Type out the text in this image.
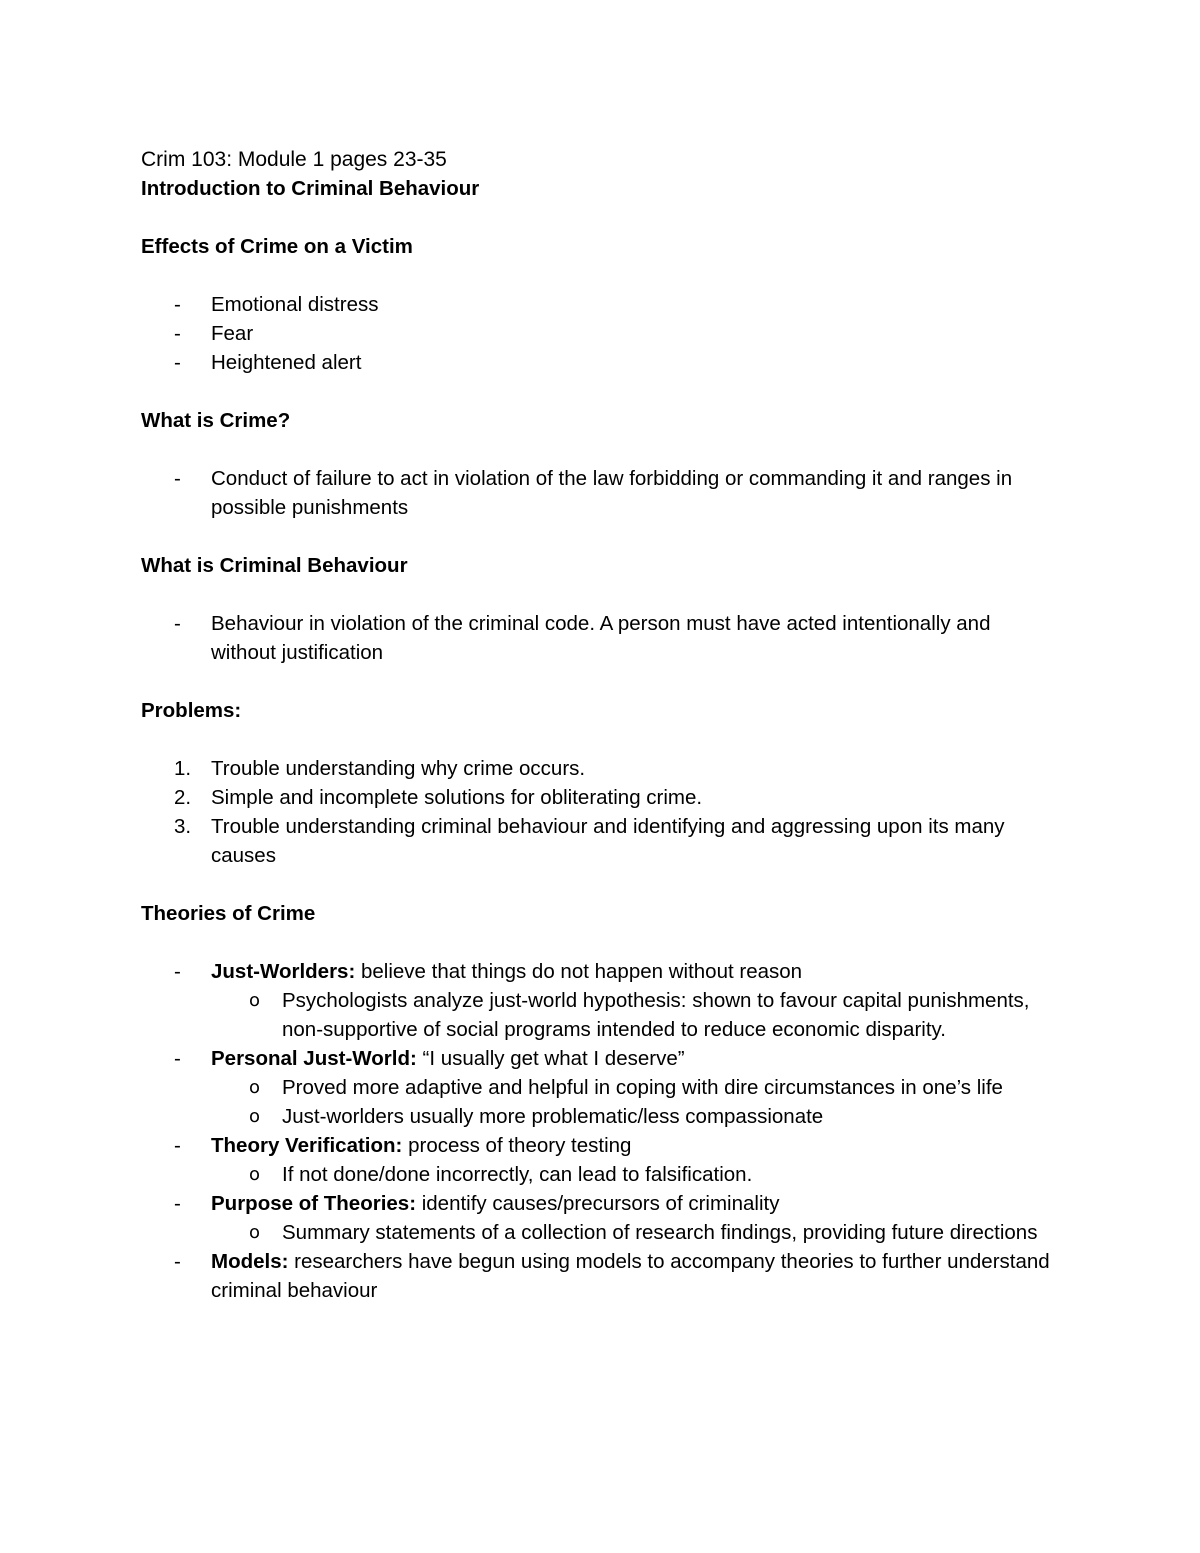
Crim 103: Module 1 pages 23-35

Introduction to Criminal Behaviour

Effects of Crime on a Victim

- Emotional distress
- Fear
- Heightened alert

What is Crime?

- Conduct of failure to act in violation of the law forbidding or commanding it and ranges in possible punishments

What is Criminal Behaviour

- Behaviour in violation of the criminal code. A person must have acted intentionally and without justification

Problems:

1. Trouble understanding why crime occurs.
2. Simple and incomplete solutions for obliterating crime.
3. Trouble understanding criminal behaviour and identifying and aggressing upon its many causes

Theories of Crime

- Just-Worlders: believe that things do not happen without reason
o Psychologists analyze just-world hypothesis: shown to favour capital punishments, non-supportive of social programs intended to reduce economic disparity.
- Personal Just-World: “I usually get what I deserve”
o Proved more adaptive and helpful in coping with dire circumstances in one’s life
o Just-worlders usually more problematic/less compassionate
- Theory Verification: process of theory testing
o If not done/done incorrectly, can lead to falsification.
- Purpose of Theories: identify causes/precursors of criminality
o Summary statements of a collection of research findings, providing future directions
- Models: researchers have begun using models to accompany theories to further understand criminal behaviour
